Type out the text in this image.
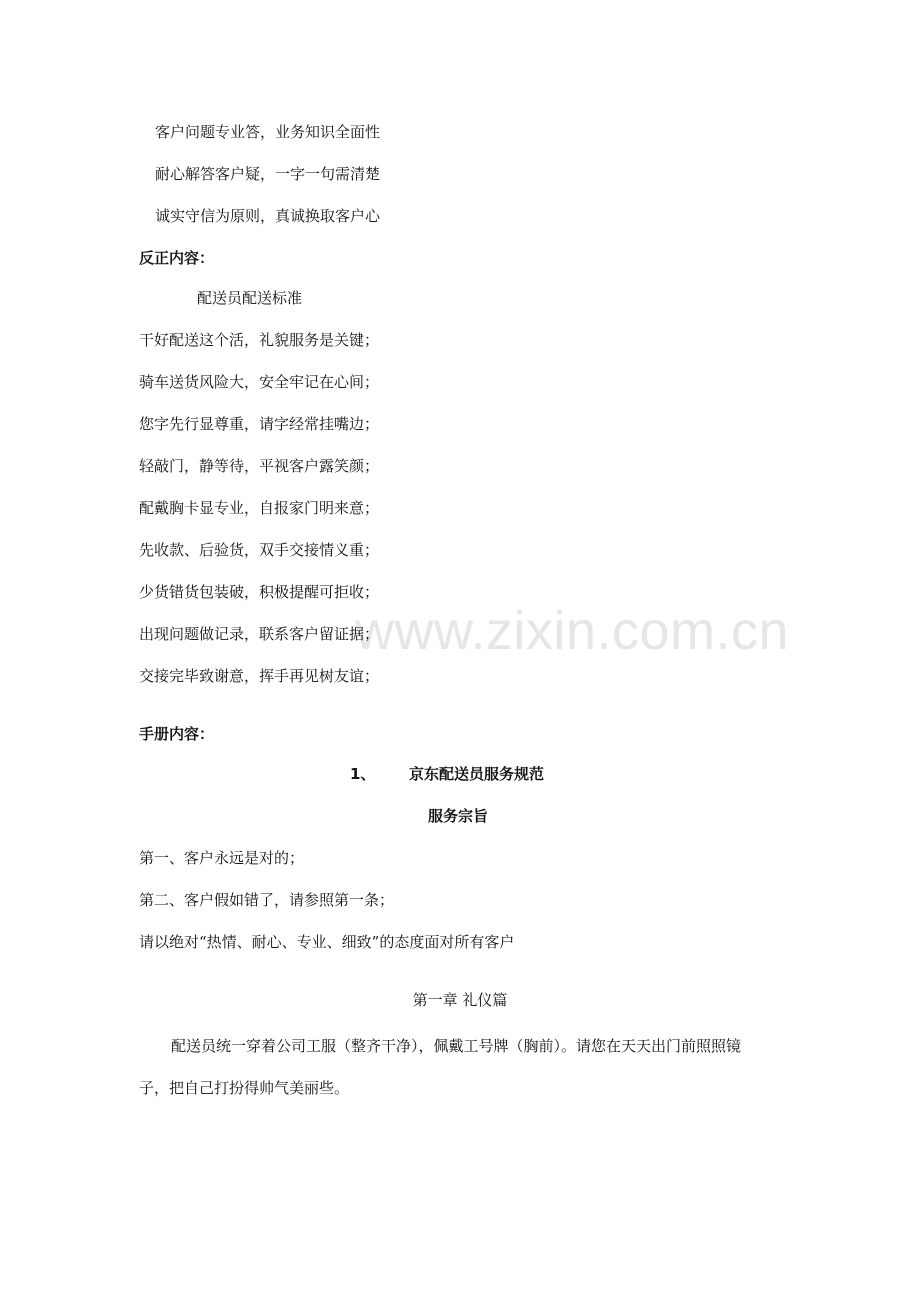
www.zixin.com.cn
客户问题专业答，业务知识全面性
耐心解答客户疑，一字一句需清楚
诚实守信为原则，真诚换取客户心
反正内容：
配送员配送标准
干好配送这个活，礼貌服务是关键；
骑车送货风险大，安全牢记在心间；
您字先行显尊重，请字经常挂嘴边；
轻敲门，静等待，平视客户露笑颜；
配戴胸卡显专业，自报家门明来意；
先收款、后验货，双手交接情义重；
少货错货包装破，积极提醒可拒收；
出现问题做记录，联系客户留证据；
交接完毕致谢意，挥手再见树友谊；
手册内容：
1、 京东配送员服务规范
服务宗旨
第一、客户永远是对的；
第二、客户假如错了，请参照第一条；
请以绝对“热情、耐心、专业、细致”的态度面对所有客户
第一章 礼仪篇
配送员统一穿着公司工服（整齐干净），佩戴工号牌（胸前）。请您在天天出门前照照镜
子，把自己打扮得帅气美丽些。
